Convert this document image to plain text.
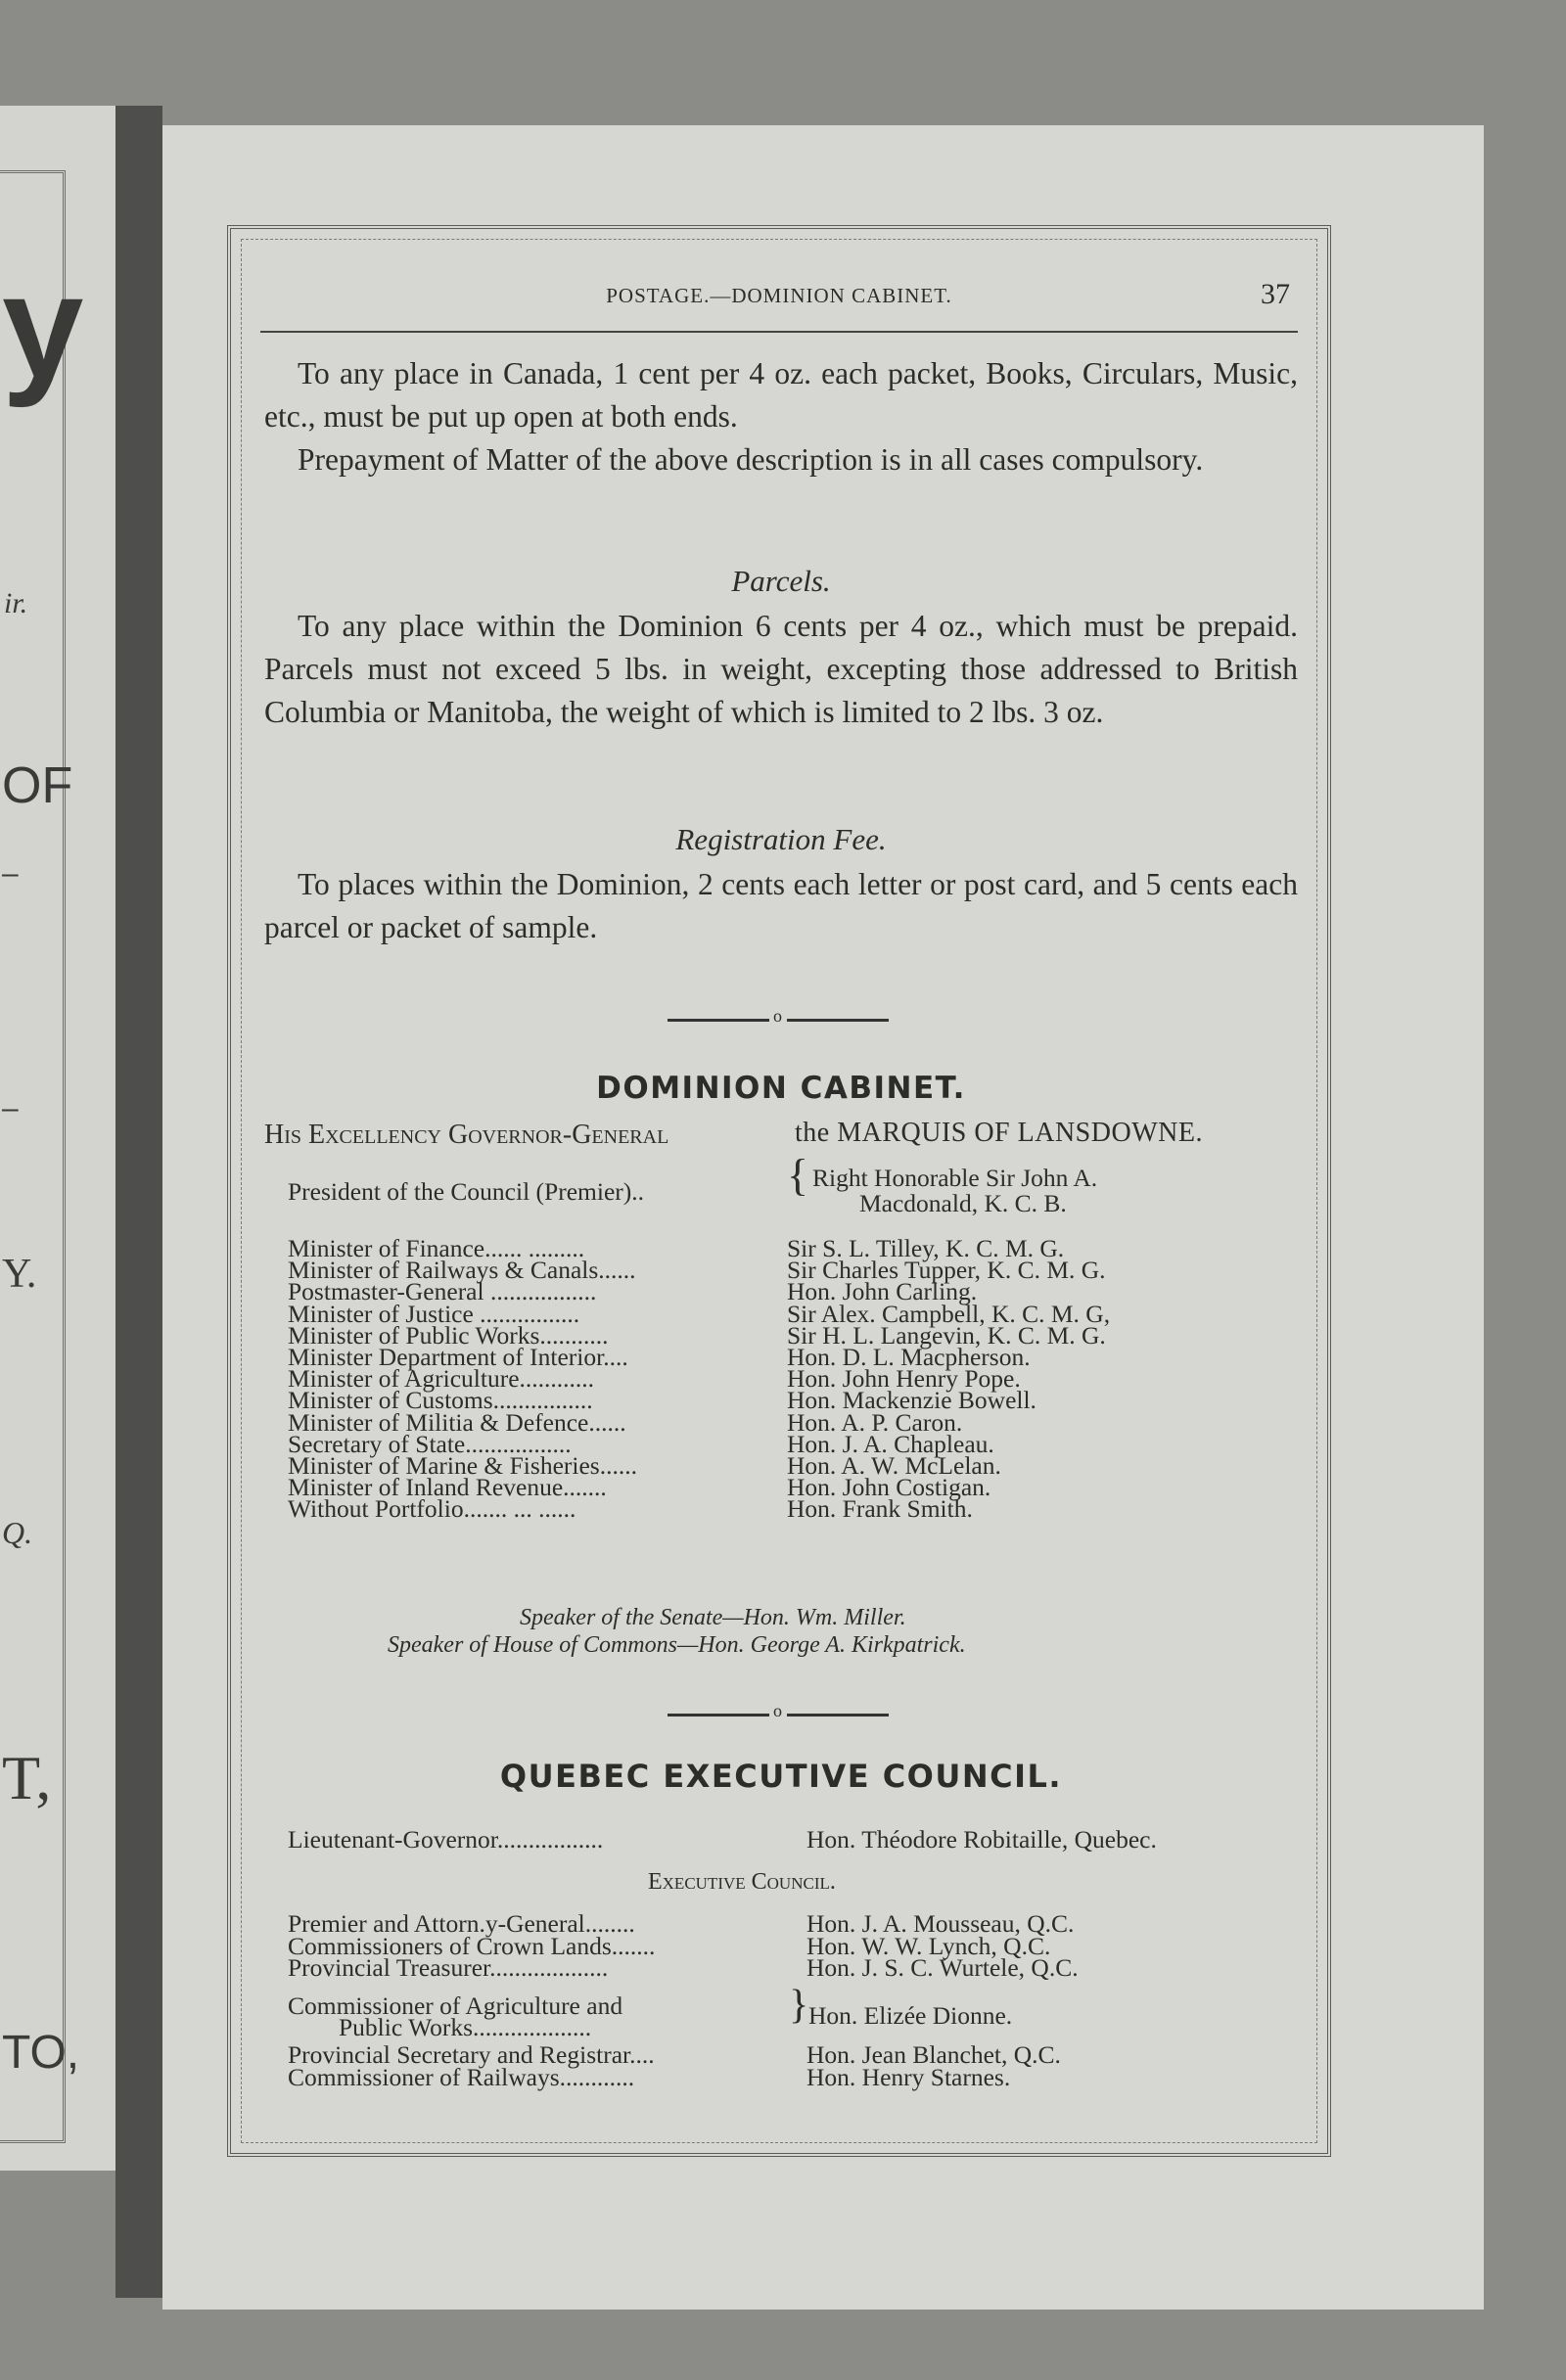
y
ir.
OF
–
–
Y.
Q.
T,
TO,
POSTAGE.—DOMINION CABINET.	37
To any place in Canada, 1 cent per 4 oz. each packet, Books, Circulars, Music, etc., must be put up open at both ends.
Prepayment of Matter of the above description is in all cases compulsory.
Parcels.
To any place within the Dominion 6 cents per 4 oz., which must be prepaid. Parcels must not exceed 5 lbs. in weight, excepting those addressed to British Columbia or Manitoba, the weight of which is limited to 2 lbs. 3 oz.
Registration Fee.
To places within the Dominion, 2 cents each letter or post card, and 5 cents each parcel or packet of sample.
o
DOMINION CABINET.
His Excellency Governor-General	the MARQUIS OF LANSDOWNE.
President of the Council (Premier)..	{ Right Honorable Sir John A.
Macdonald, K. C. B.
Minister of Finance...... .........	Sir S. L. Tilley, K. C. M. G.
Minister of Railways & Canals......	Sir Charles Tupper, K. C. M. G.
Postmaster-General .................	Hon. John Carling.
Minister of Justice ................	Sir Alex. Campbell, K. C. M. G,
Minister of Public Works...........	Sir H. L. Langevin, K. C. M. G.
Minister Department of Interior....	Hon. D. L. Macpherson.
Minister of Agriculture............	Hon. John Henry Pope.
Minister of Customs................	Hon. Mackenzie Bowell.
Minister of Militia & Defence......	Hon. A. P. Caron.
Secretary of State.................	Hon. J. A. Chapleau.
Minister of Marine & Fisheries......	Hon. A. W. McLelan.
Minister of Inland Revenue.......	Hon. John Costigan.
Without Portfolio....... ... ......	Hon. Frank Smith.
Speaker of the Senate—Hon. Wm. Miller.
Speaker of House of Commons—Hon. George A. Kirkpatrick.
o
QUEBEC EXECUTIVE COUNCIL.
Lieutenant-Governor.................	Hon. Théodore Robitaille, Quebec.
Executive Council.
Premier and Attorn.y-General........	Hon. J. A. Mousseau, Q.C.
Commissioners of Crown Lands.......	Hon. W. W. Lynch, Q.C.
Provincial Treasurer...................	Hon. J. S. C. Wurtele, Q.C.
Commissioner of Agriculture and
Public Works...................	} Hon. Elizée Dionne.
Provincial Secretary and Registrar....	Hon. Jean Blanchet, Q.C.
Commissioner of Railways............	Hon. Henry Starnes.
